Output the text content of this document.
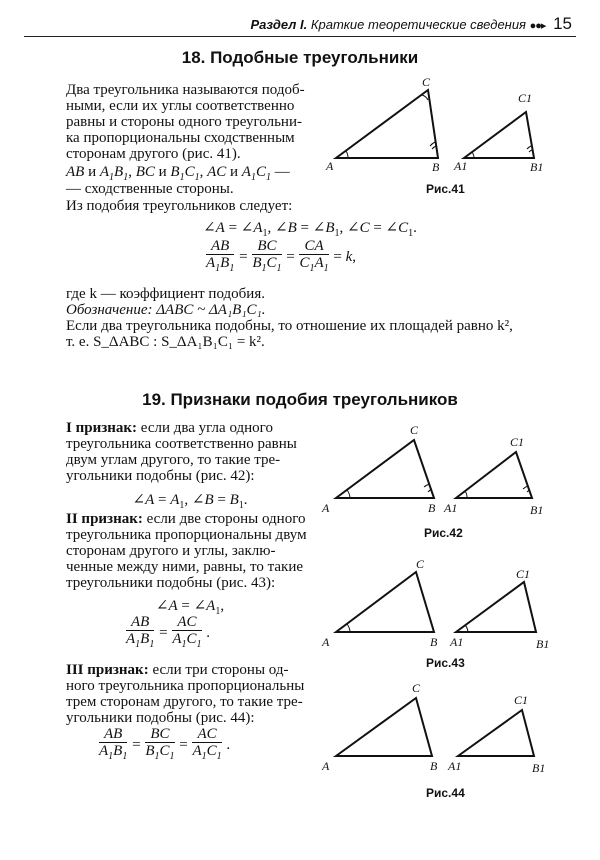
Раздел I. Краткие теоретические сведения ●●▸ 15
18. Подобные треугольники
Два треугольника называются подоб-
ными, если их углы соответственно
равны и стороны одного треугольни-
ка пропорциональны сходственным
сторонам другого (рис. 41).
AB и $A_1B_1$, BC и $B_1C_1$, AC и $A_1C_1$ —
— сходственные стороны.
Из подобия треугольников следует:
∠A = $\angle A_1$, ∠B = $\angle B_1$, ∠C = $\angle C_1$.
$\frac{AB}{A_1B_1} = \frac{BC}{B_1C_1} = \frac{CA}{C_1A_1} = k$,
где k — коэффициент подобия.
Обозначение: ΔABC ~ ΔA₁B₁C₁.
Если два треугольника подобны, то отношение их площадей равно k²,
т. е. S_ΔABC : S_ΔA₁B₁C₁ = k².
A	B
C
A1	B1
C1
Рис.41
19. Признаки подобия треугольников
I признак: если два угла одного
треугольника соответственно равны
двум углам другого, то такие тре-
угольники подобны (рис. 42):
∠A = $A_1$, ∠B = $B_1$.
II признак: если две стороны одного
треугольника пропорциональны двум
сторонам другого и углы, заклю-
ченные между ними, равны, то такие
треугольники подобны (рис. 43):
∠A = $\angle A_1$,
$\frac{AB}{A_1B_1} = \frac{AC}{A_1C_1}$ .
III признак: если три стороны од-
ного треугольника пропорциональны
трем сторонам другого, то такие тре-
угольники подобны (рис. 44):
$\frac{AB}{A_1B_1} = \frac{BC}{B_1C_1} = \frac{AC}{A_1C_1}$ .
A	B
C
A1	B1
C1
Рис.42
A	B
C
A1	B1
C1
Рис.43
A	B
C
A1	B1
C1
Рис.44
